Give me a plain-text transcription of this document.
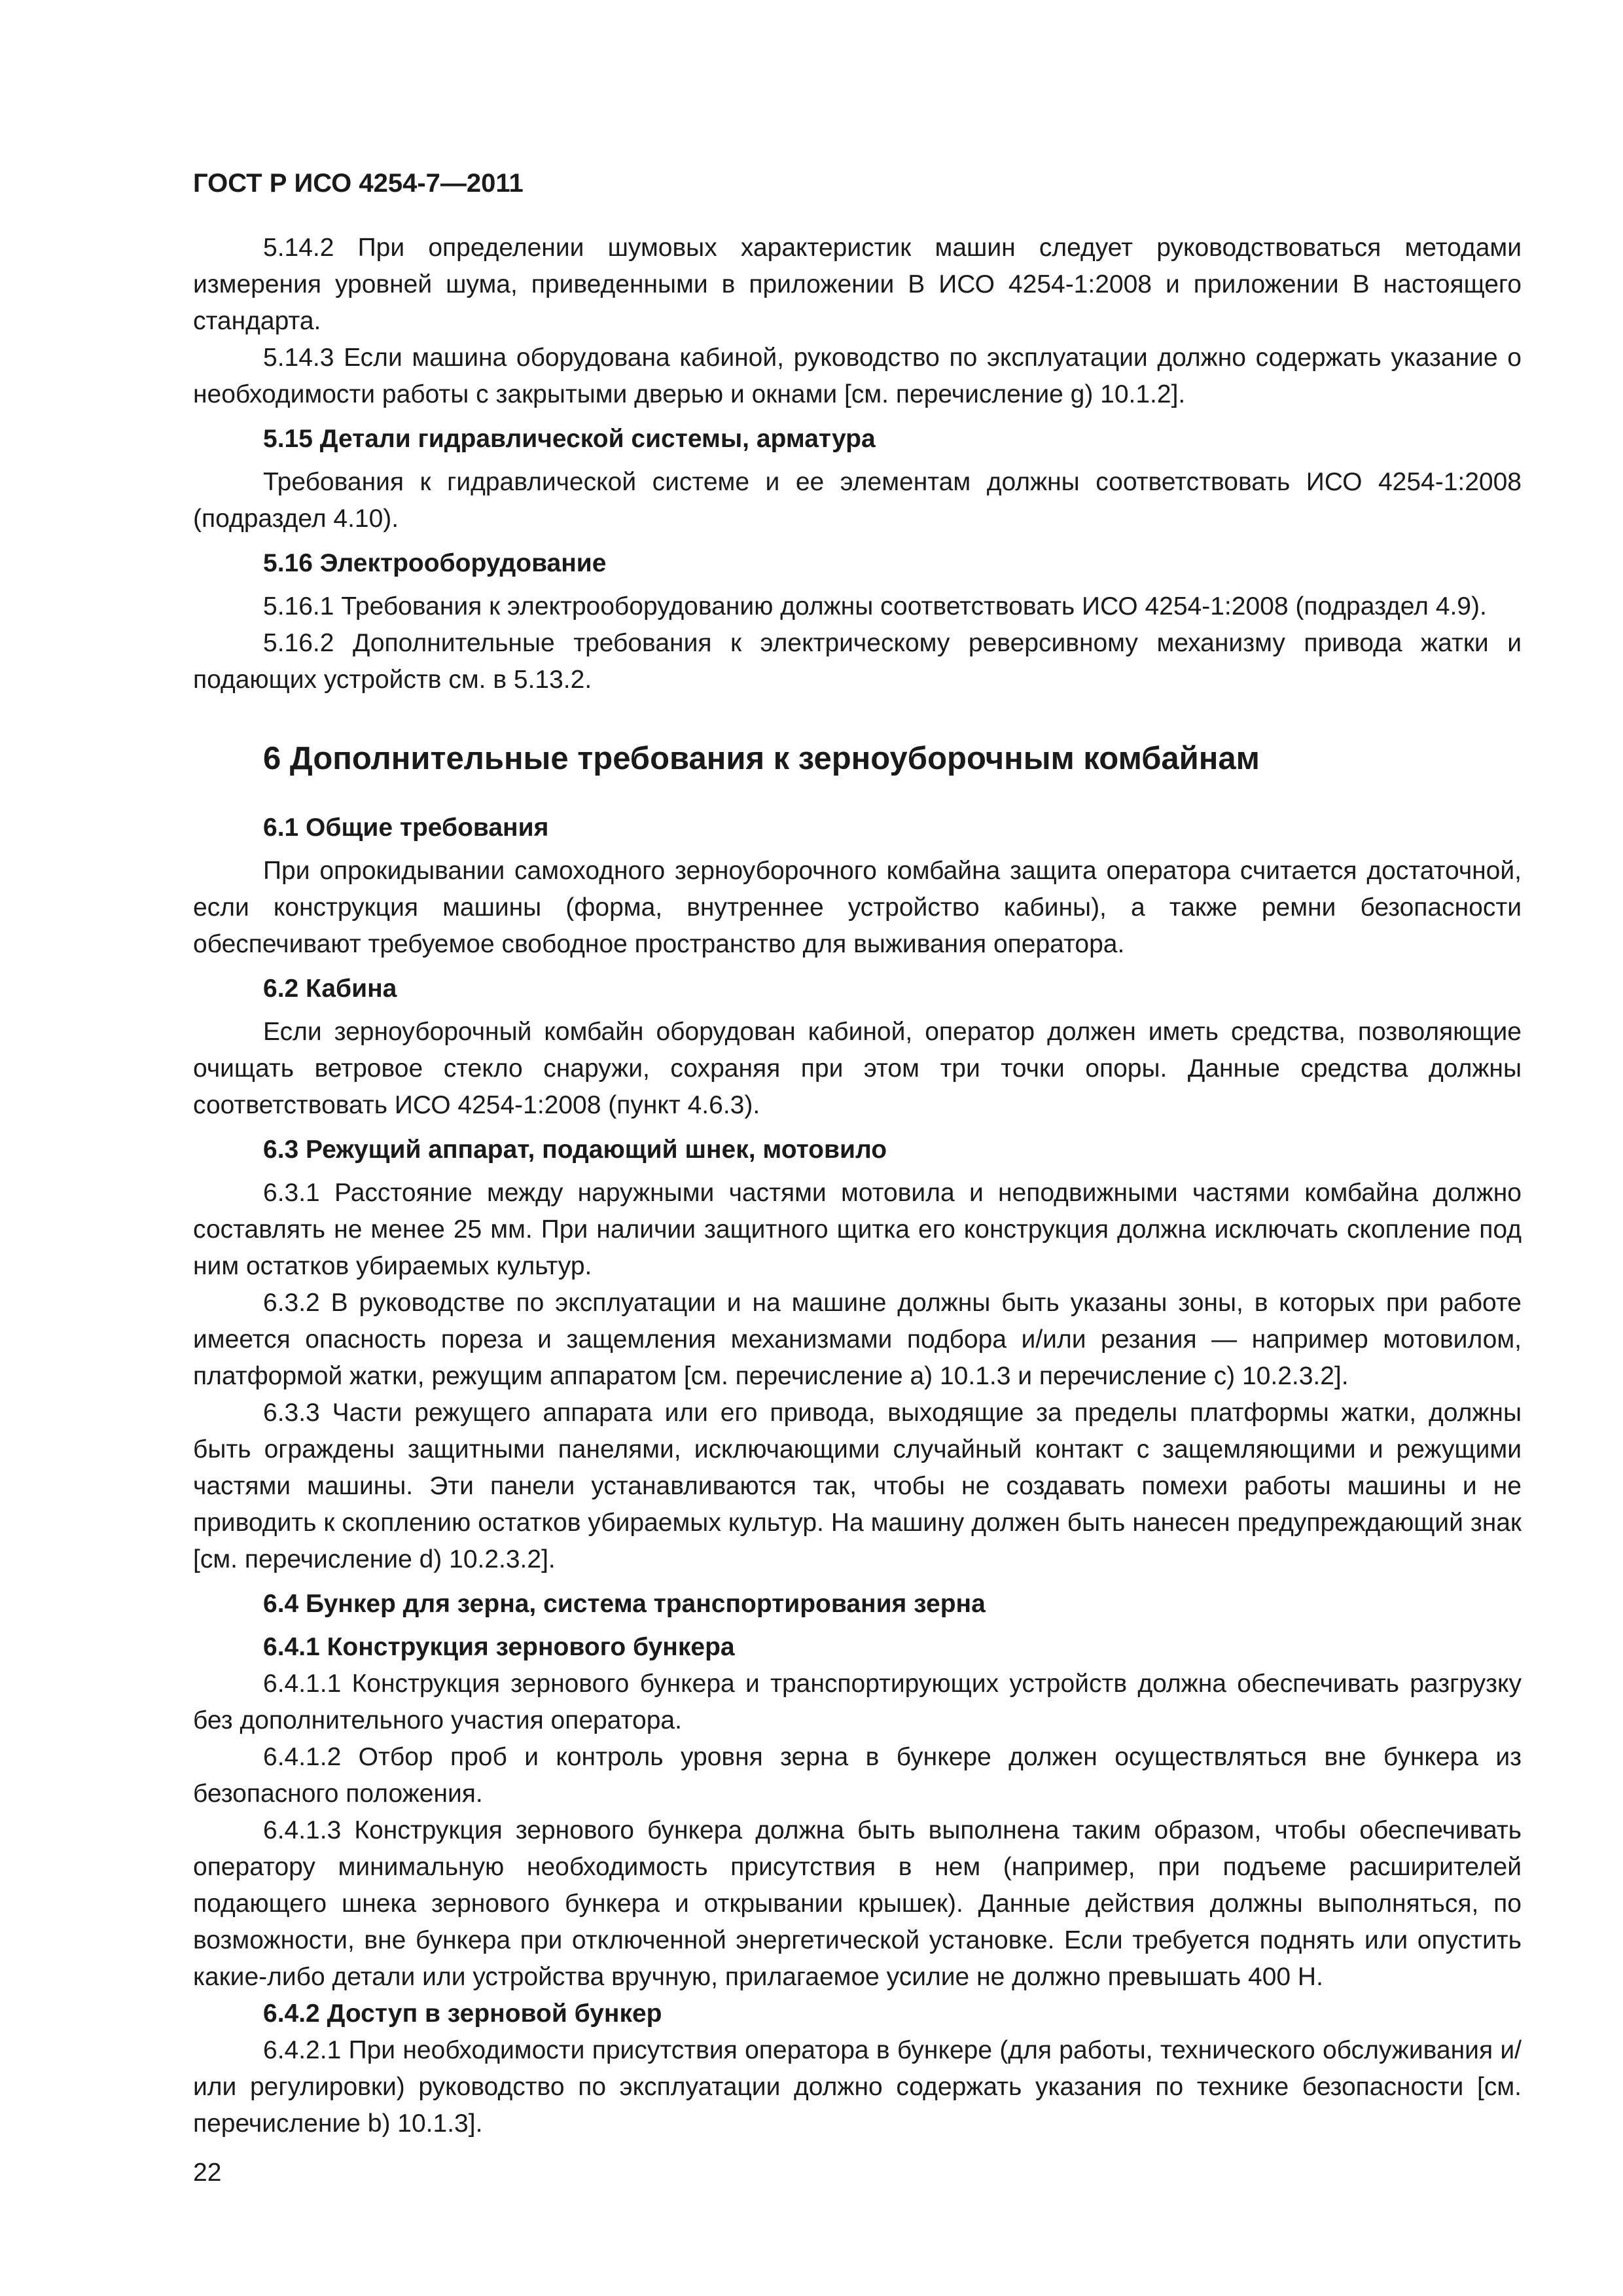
ГОСТ Р ИСО 4254-7—2011

5.14.2 При определении шумовых характеристик машин следует руководствоваться методами измерения уровней шума, приведенными в приложении В ИСО 4254-1:2008 и приложении В настоящего стандарта.

5.14.3 Если машина оборудована кабиной, руководство по эксплуатации должно содержать указание о необходимости работы с закрытыми дверью и окнами [см. перечисление g) 10.1.2].

5.15 Детали гидравлической системы, арматура

Требования к гидравлической системе и ее элементам должны соответствовать ИСО 4254-1:2008 (подраздел 4.10).

5.16 Электрооборудование

5.16.1 Требования к электрооборудованию должны соответствовать ИСО 4254-1:2008 (подраздел 4.9).

5.16.2 Дополнительные требования к электрическому реверсивному механизму привода жатки и подающих устройств см. в 5.13.2.

6 Дополнительные требования к зерноуборочным комбайнам
6.1 Общие требования

При опрокидывании самоходного зерноуборочного комбайна защита оператора считается достаточной, если конструкция машины (форма, внутреннее устройство кабины), а также ремни безопасности обеспечивают требуемое свободное пространство для выживания оператора.

6.2 Кабина

Если зерноуборочный комбайн оборудован кабиной, оператор должен иметь средства, позволяющие очищать ветровое стекло снаружи, сохраняя при этом три точки опоры. Данные средства должны соответствовать ИСО 4254-1:2008 (пункт 4.6.3).

6.3 Режущий аппарат, подающий шнек, мотовило

6.3.1 Расстояние между наружными частями мотовила и неподвижными частями комбайна должно составлять не менее 25 мм. При наличии защитного щитка его конструкция должна исключать скопление под ним остатков убираемых культур.

6.3.2 В руководстве по эксплуатации и на машине должны быть указаны зоны, в которых при работе имеется опасность пореза и защемления механизмами подбора и/или резания — например мотовилом, платформой жатки, режущим аппаратом [см. перечисление а) 10.1.3 и перечисление с) 10.2.3.2].

6.3.3 Части режущего аппарата или его привода, выходящие за пределы платформы жатки, должны быть ограждены защитными панелями, исключающими случайный контакт с защемляющими и режущими частями машины. Эти панели устанавливаются так, чтобы не создавать помехи работы машины и не приводить к скоплению остатков убираемых культур. На машину должен быть нанесен предупреждающий знак [см. перечисление d) 10.2.3.2].

6.4 Бункер для зерна, система транспортирования зерна
6.4.1 Конструкция зернового бункера

6.4.1.1 Конструкция зернового бункера и транспортирующих устройств должна обеспечивать разгрузку без дополнительного участия оператора.

6.4.1.2 Отбор проб и контроль уровня зерна в бункере должен осуществляться вне бункера из безопасного положения.

6.4.1.3 Конструкция зернового бункера должна быть выполнена таким образом, чтобы обеспечивать оператору минимальную необходимость присутствия в нем (например, при подъеме расширителей подающего шнека зернового бункера и открывании крышек). Данные действия должны выполняться, по возможности, вне бункера при отключенной энергетической установке. Если требуется поднять или опустить какие-либо детали или устройства вручную, прилагаемое усилие не должно превышать 400 Н.

6.4.2 Доступ в зерновой бункер

6.4.2.1 При необходимости присутствия оператора в бункере (для работы, технического обслуживания и/или регулировки) руководство по эксплуатации должно содержать указания по технике безопасности [см. перечисление b) 10.1.3].

22
